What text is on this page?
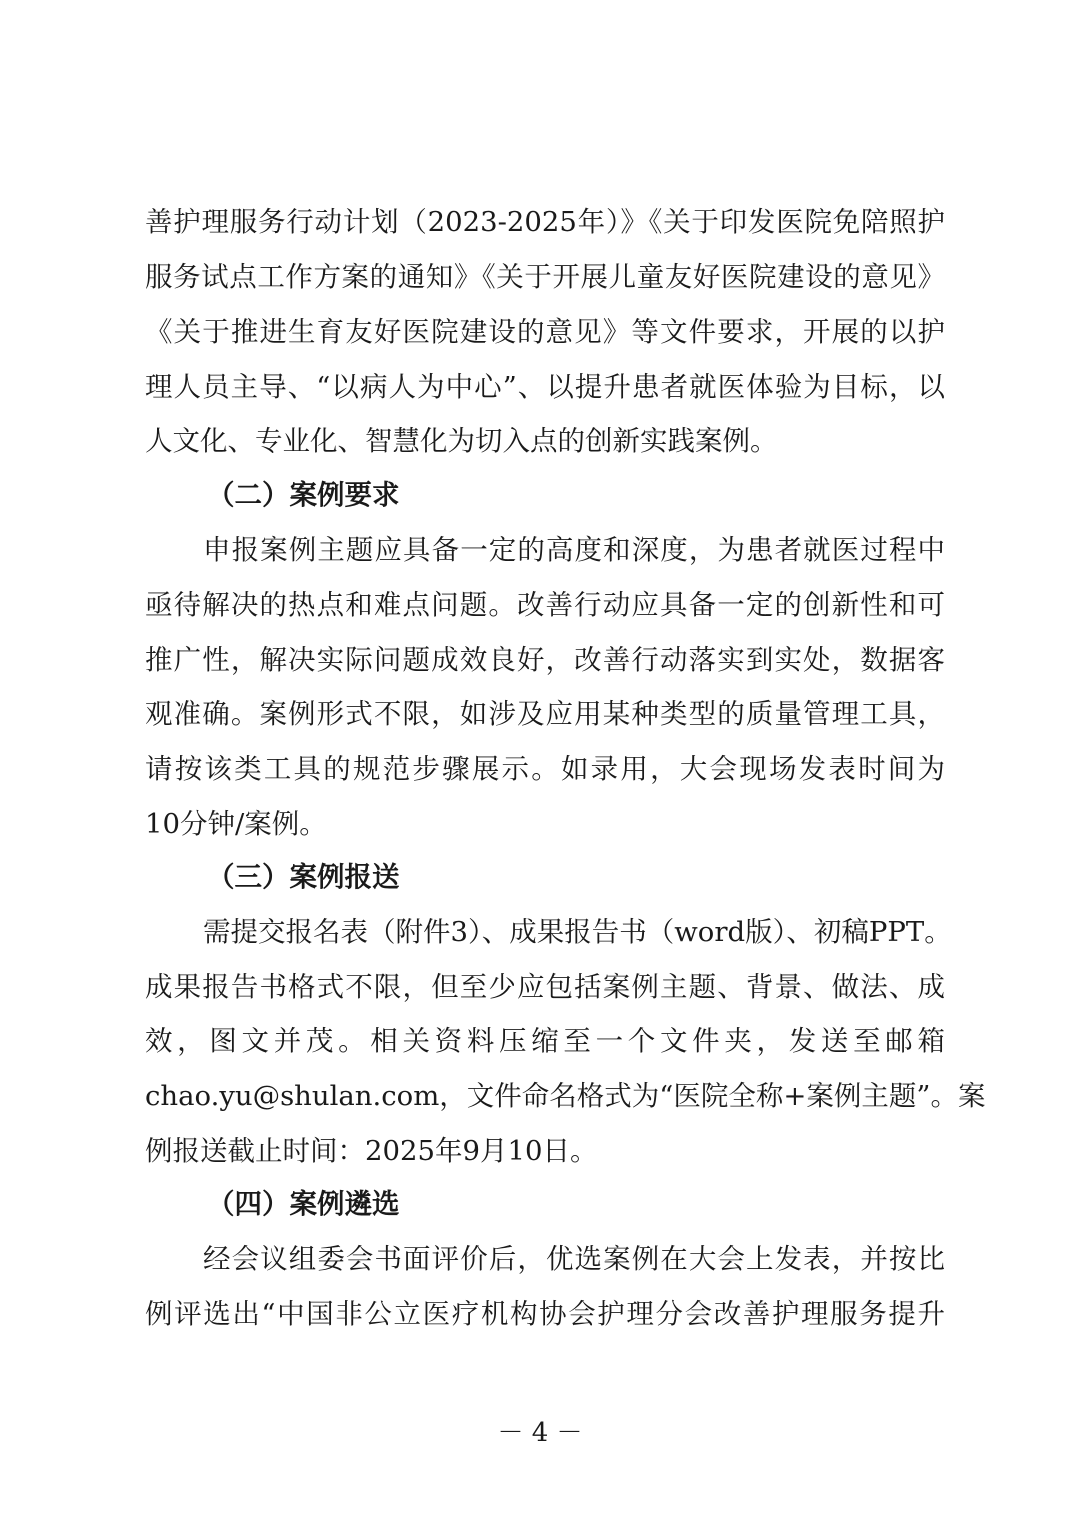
善护理服务行动计划（2023-2025年）》《关于印发医院免陪照护
服务试点工作方案的通知》《关于开展儿童友好医院建设的意见》
《关于推进生育友好医院建设的意见》等文件要求，开展的以护
理人员主导、“以病人为中心”、以提升患者就医体验为目标，以
人文化、专业化、智慧化为切入点的创新实践案例。
（二）案例要求
申报案例主题应具备一定的高度和深度，为患者就医过程中
亟待解决的热点和难点问题。改善行动应具备一定的创新性和可
推广性，解决实际问题成效良好，改善行动落实到实处，数据客
观准确。案例形式不限，如涉及应用某种类型的质量管理工具，
请按该类工具的规范步骤展示。如录用，大会现场发表时间为
10分钟/案例。
（三）案例报送
需提交报名表（附件3）、成果报告书（word版）、初稿PPT。
成果报告书格式不限，但至少应包括案例主题、背景、做法、成
效，图文并茂。相关资料压缩至一个文件夹，发送至邮箱
chao.yu@shulan.com，文件命名格式为“医院全称+案例主题”。案
例报送截止时间：2025年9月10日。
（四）案例遴选
经会议组委会书面评价后，优选案例在大会上发表，并按比
例评选出“中国非公立医疗机构协会护理分会改善护理服务提升
－ 4 －
